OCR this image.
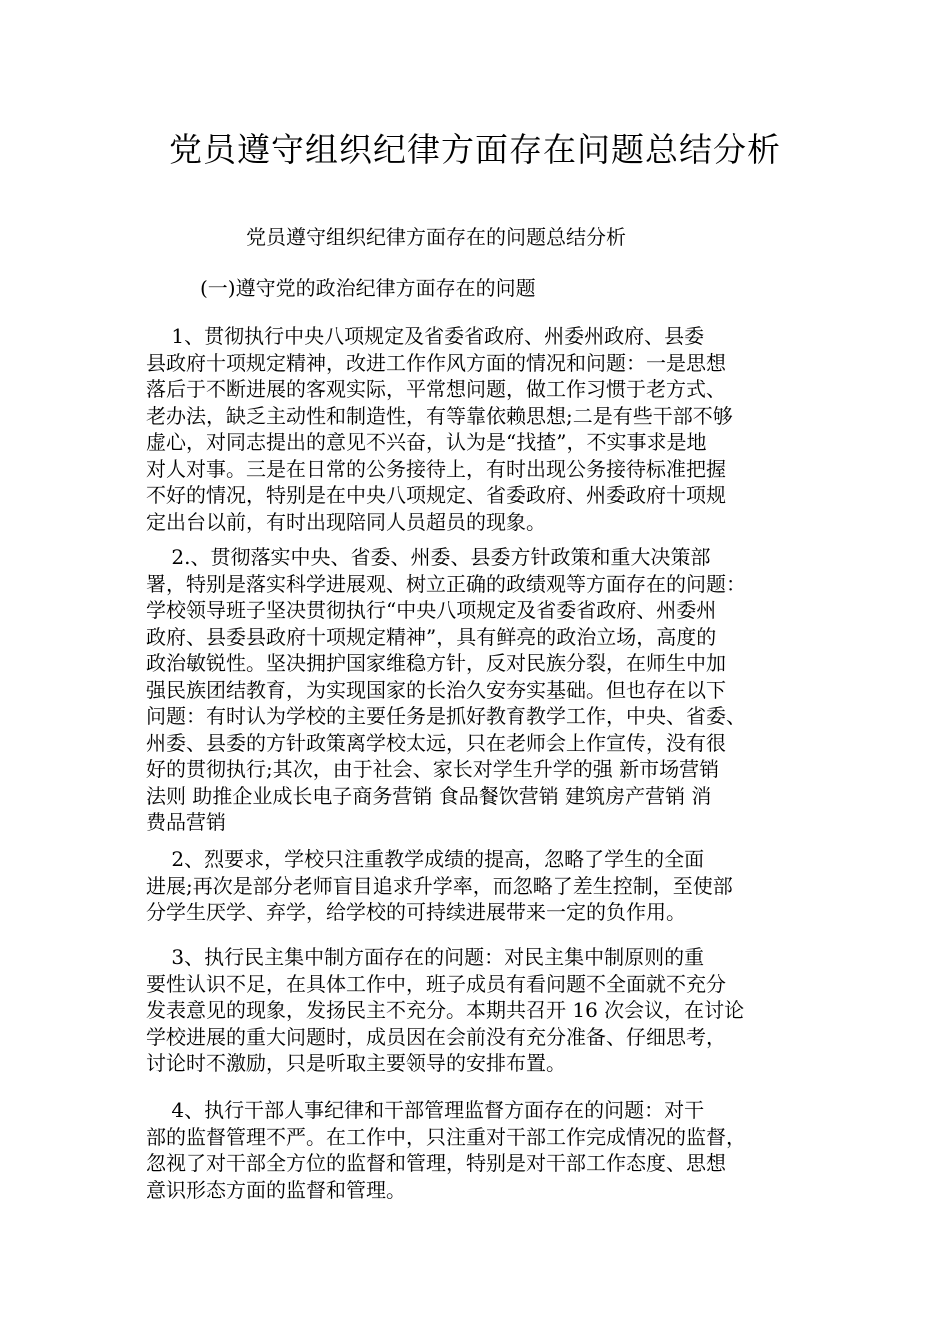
党员遵守组织纪律方面存在问题总结分析

党员遵守组织纪律方面存在的问题总结分析

(一)遵守党的政治纪律方面存在的问题

1、贯彻执行中央八项规定及省委省政府、州委州政府、县委
县政府十项规定精神，改进工作作风方面的情况和问题：一是思想
落后于不断进展的客观实际，平常想问题，做工作习惯于老方式、
老办法，缺乏主动性和制造性，有等靠依赖思想;二是有些干部不够
虚心，对同志提出的意见不兴奋，认为是“找揸”，不实事求是地
对人对事。三是在日常的公务接待上，有时出现公务接待标准把握
不好的情况，特别是在中央八项规定、省委政府、州委政府十项规
定出台以前，有时出现陪同人员超员的现象。
2.、贯彻落实中央、省委、州委、县委方针政策和重大决策部
署，特别是落实科学进展观、树立正确的政绩观等方面存在的问题：
学校领导班子坚决贯彻执行“中央八项规定及省委省政府、州委州
政府、县委县政府十项规定精神”，具有鲜亮的政治立场，高度的
政治敏锐性。坚决拥护国家维稳方针，反对民族分裂，在师生中加
强民族团结教育，为实现国家的长治久安夯实基础。但也存在以下
问题：有时认为学校的主要任务是抓好教育教学工作，中央、省委、
州委、县委的方针政策离学校太远，只在老师会上作宣传，没有很
好的贯彻执行;其次，由于社会、家长对学生升学的强 新市场营销
法则 助推企业成长电子商务营销 食品餐饮营销 建筑房产营销 消
费品营销
2、烈要求，学校只注重教学成绩的提高，忽略了学生的全面
进展;再次是部分老师盲目追求升学率，而忽略了差生控制，至使部
分学生厌学、弃学，给学校的可持续进展带来一定的负作用。
3、执行民主集中制方面存在的问题：对民主集中制原则的重
要性认识不足，在具体工作中，班子成员有看问题不全面就不充分
发表意见的现象，发扬民主不充分。本期共召开 16 次会议，在讨论
学校进展的重大问题时，成员因在会前没有充分准备、仔细思考，
讨论时不激励，只是听取主要领导的安排布置。
4、执行干部人事纪律和干部管理监督方面存在的问题：对干
部的监督管理不严。在工作中，只注重对干部工作完成情况的监督，
忽视了对干部全方位的监督和管理，特别是对干部工作态度、思想
意识形态方面的监督和管理。
